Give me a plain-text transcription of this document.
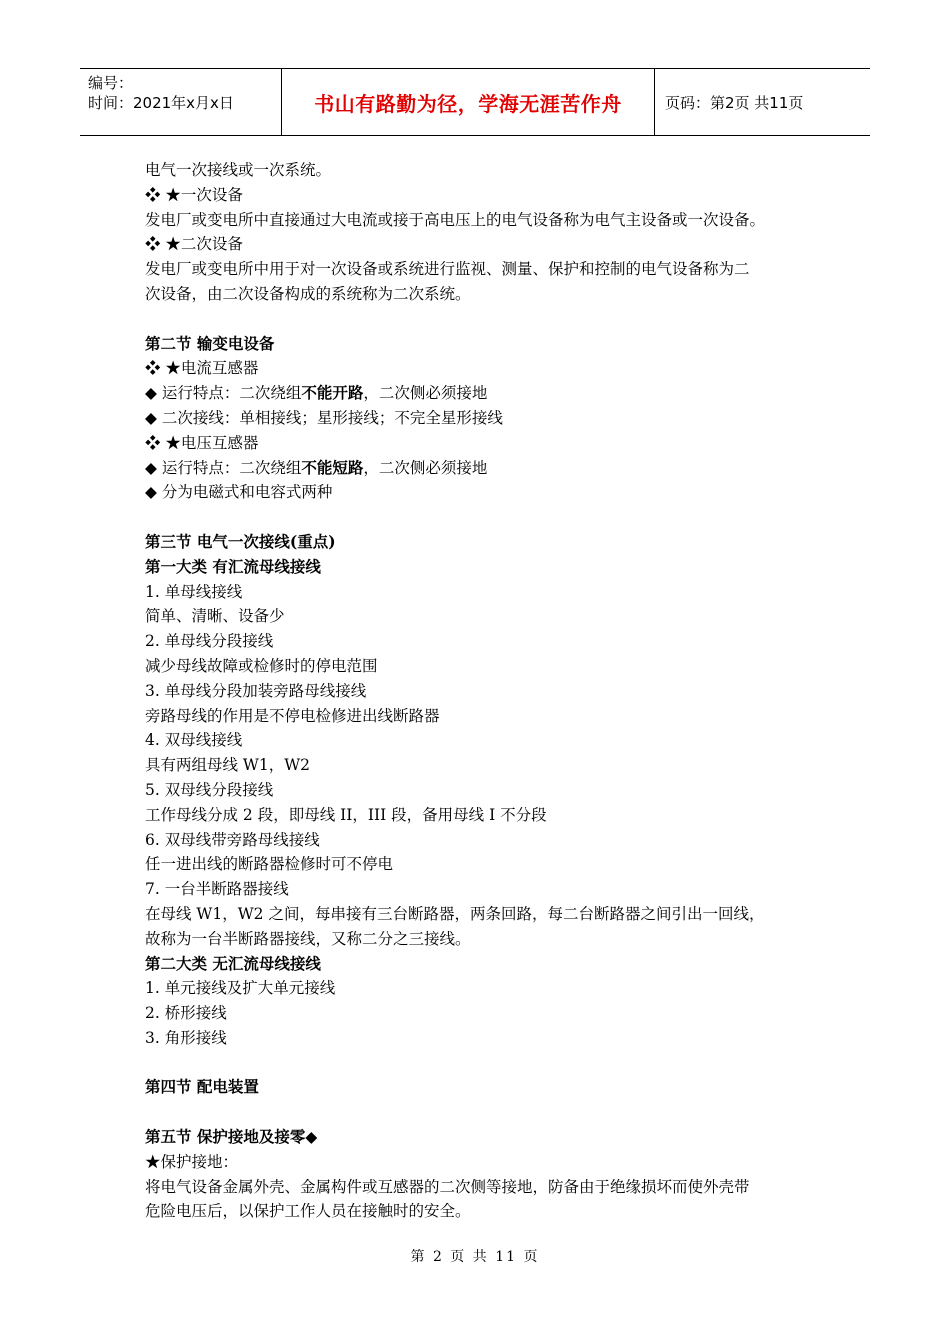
编号：
时间：2021年x月x日	书山有路勤为径，学海无涯苦作舟	页码：第2页 共11页
电气一次接线或一次系统。
❖ ★一次设备
发电厂或变电所中直接通过大电流或接于高电压上的电气设备称为电气主设备或一次设备。
❖ ★二次设备
发电厂或变电所中用于对一次设备或系统进行监视、测量、保护和控制的电气设备称为二
次设备，由二次设备构成的系统称为二次系统。
第二节 输变电设备
❖ ★电流互感器
◆ 运行特点：二次绕组不能开路，二次侧必须接地
◆ 二次接线：单相接线；星形接线；不完全星形接线
❖ ★电压互感器
◆ 运行特点：二次绕组不能短路，二次侧必须接地
◆ 分为电磁式和电容式两种
第三节 电气一次接线(重点)
第一大类 有汇流母线接线
1. 单母线接线
简单、清晰、设备少
2. 单母线分段接线
减少母线故障或检修时的停电范围
3. 单母线分段加装旁路母线接线
旁路母线的作用是不停电检修进出线断路器
4. 双母线接线
具有两组母线 W1，W2
5. 双母线分段接线
工作母线分成 2 段，即母线 II，III 段，备用母线 I 不分段
6. 双母线带旁路母线接线
任一进出线的断路器检修时可不停电
7. 一台半断路器接线
在母线 W1，W2 之间，每串接有三台断路器，两条回路，每二台断路器之间引出一回线，
故称为一台半断路器接线，又称二分之三接线。
第二大类 无汇流母线接线
1. 单元接线及扩大单元接线
2. 桥形接线
3. 角形接线
第四节 配电装置
第五节 保护接地及接零◆
★保护接地：
将电气设备金属外壳、金属构件或互感器的二次侧等接地，防备由于绝缘损坏而使外壳带
危险电压后，以保护工作人员在接触时的安全。
第 2 页 共 11 页
